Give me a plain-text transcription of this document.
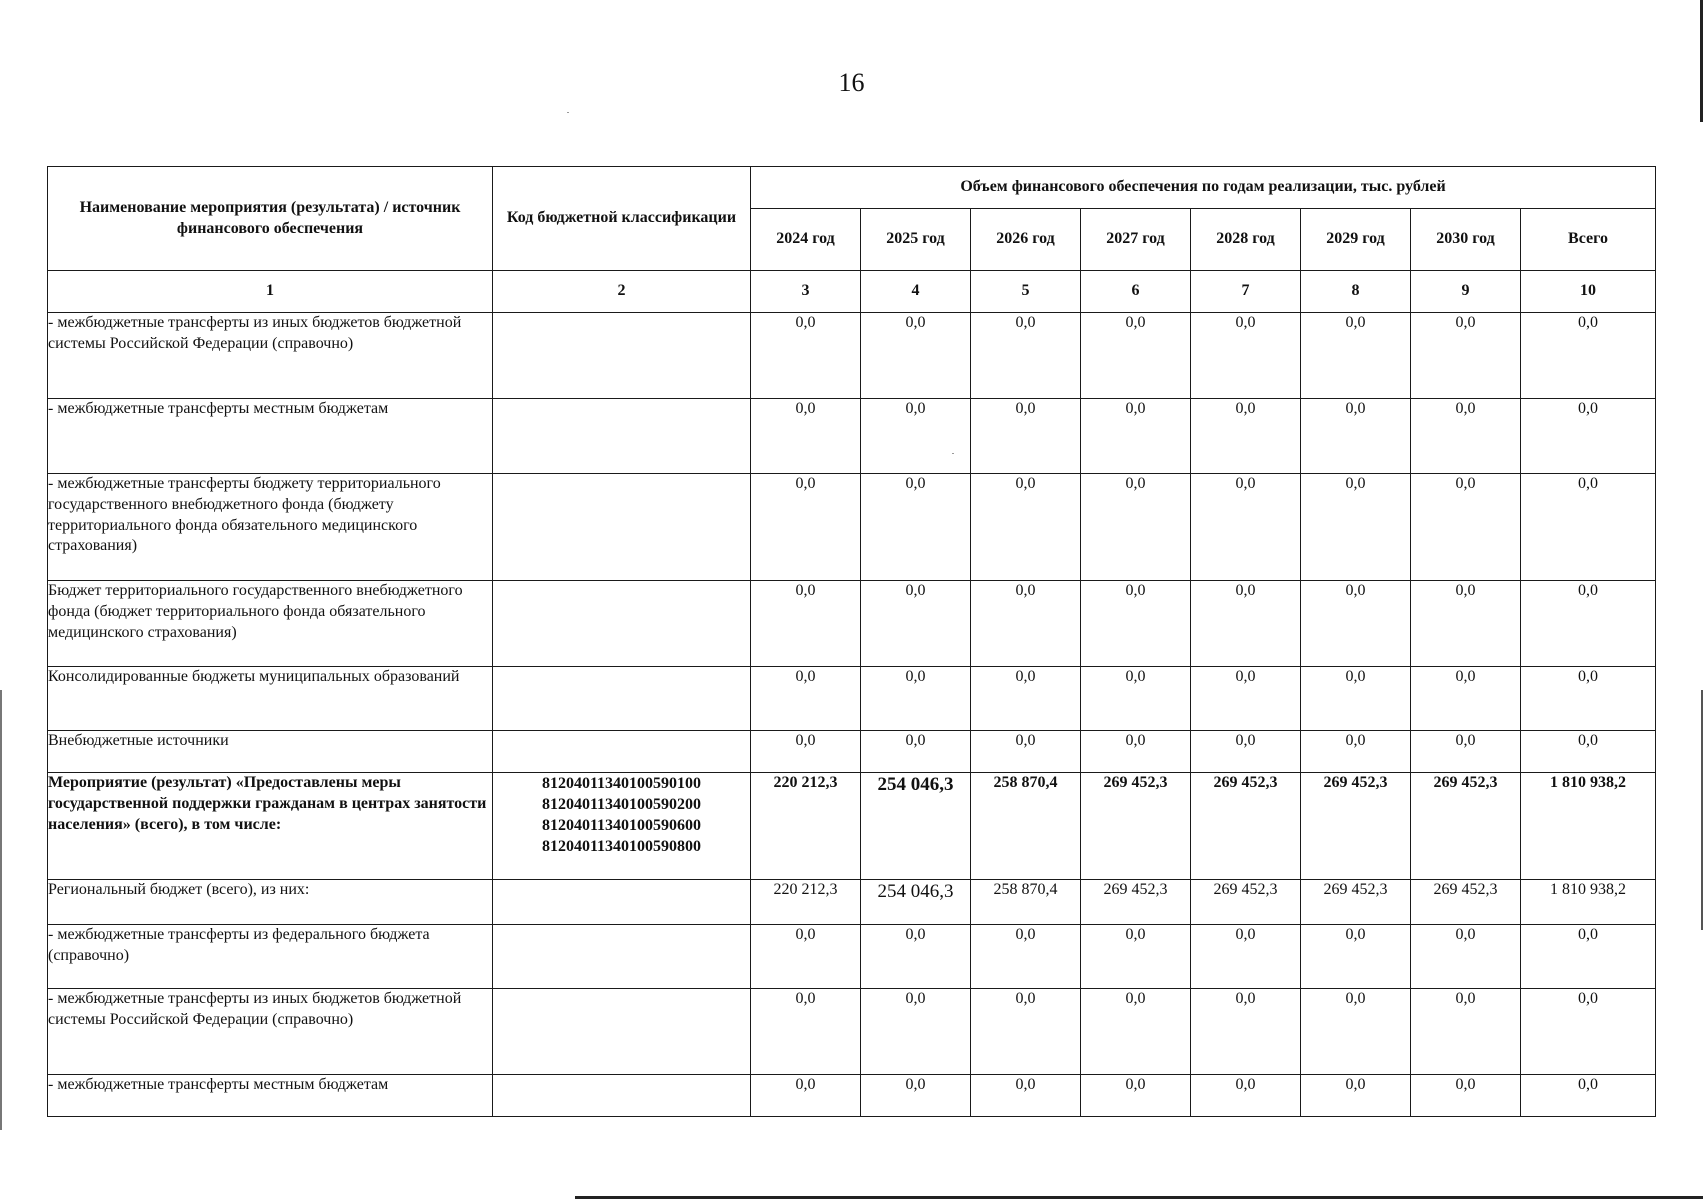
16
Наименование мероприятия (результата) / источник финансового обеспечения	Код бюджетной классификации	Объем финансового обеспечения по годам реализации, тыс. рублей							
		2024 год	2025 год	2026 год	2027 год	2028 год	2029 год	2030 год	Всего
1	2	3	4	5	6	7	8	9	10
- межбюджетные трансферты из иных бюджетов бюджетной системы Российской Федерации (справочно)		0,0	0,0	0,0	0,0	0,0	0,0	0,0	0,0
- межбюджетные трансферты местным бюджетам		0,0	0,0	0,0	0,0	0,0	0,0	0,0	0,0
- межбюджетные трансферты бюджету территориального государственного внебюджетного фонда (бюджету территориального фонда обязательного медицинского страхования)		0,0	0,0	0,0	0,0	0,0	0,0	0,0	0,0
Бюджет территориального государственного внебюджетного фонда (бюджет территориального фонда обязательного медицинского страхования)		0,0	0,0	0,0	0,0	0,0	0,0	0,0	0,0
Консолидированные бюджеты муниципальных образований		0,0	0,0	0,0	0,0	0,0	0,0	0,0	0,0
Внебюджетные источники		0,0	0,0	0,0	0,0	0,0	0,0	0,0	0,0
Мероприятие (результат) «Предоставлены меры государственной поддержки гражданам в центрах занятости населения» (всего), в том числе:	81204011340100590100
81204011340100590200
81204011340100590600
81204011340100590800	220 212,3	254 046,3	258 870,4	269 452,3	269 452,3	269 452,3	269 452,3	1 810 938,2
Региональный бюджет (всего), из них:		220 212,3	254 046,3	258 870,4	269 452,3	269 452,3	269 452,3	269 452,3	1 810 938,2
- межбюджетные трансферты из федерального бюджета (справочно)		0,0	0,0	0,0	0,0	0,0	0,0	0,0	0,0
- межбюджетные трансферты из иных бюджетов бюджетной системы Российской Федерации (справочно)		0,0	0,0	0,0	0,0	0,0	0,0	0,0	0,0
- межбюджетные трансферты местным бюджетам		0,0	0,0	0,0	0,0	0,0	0,0	0,0	0,0
